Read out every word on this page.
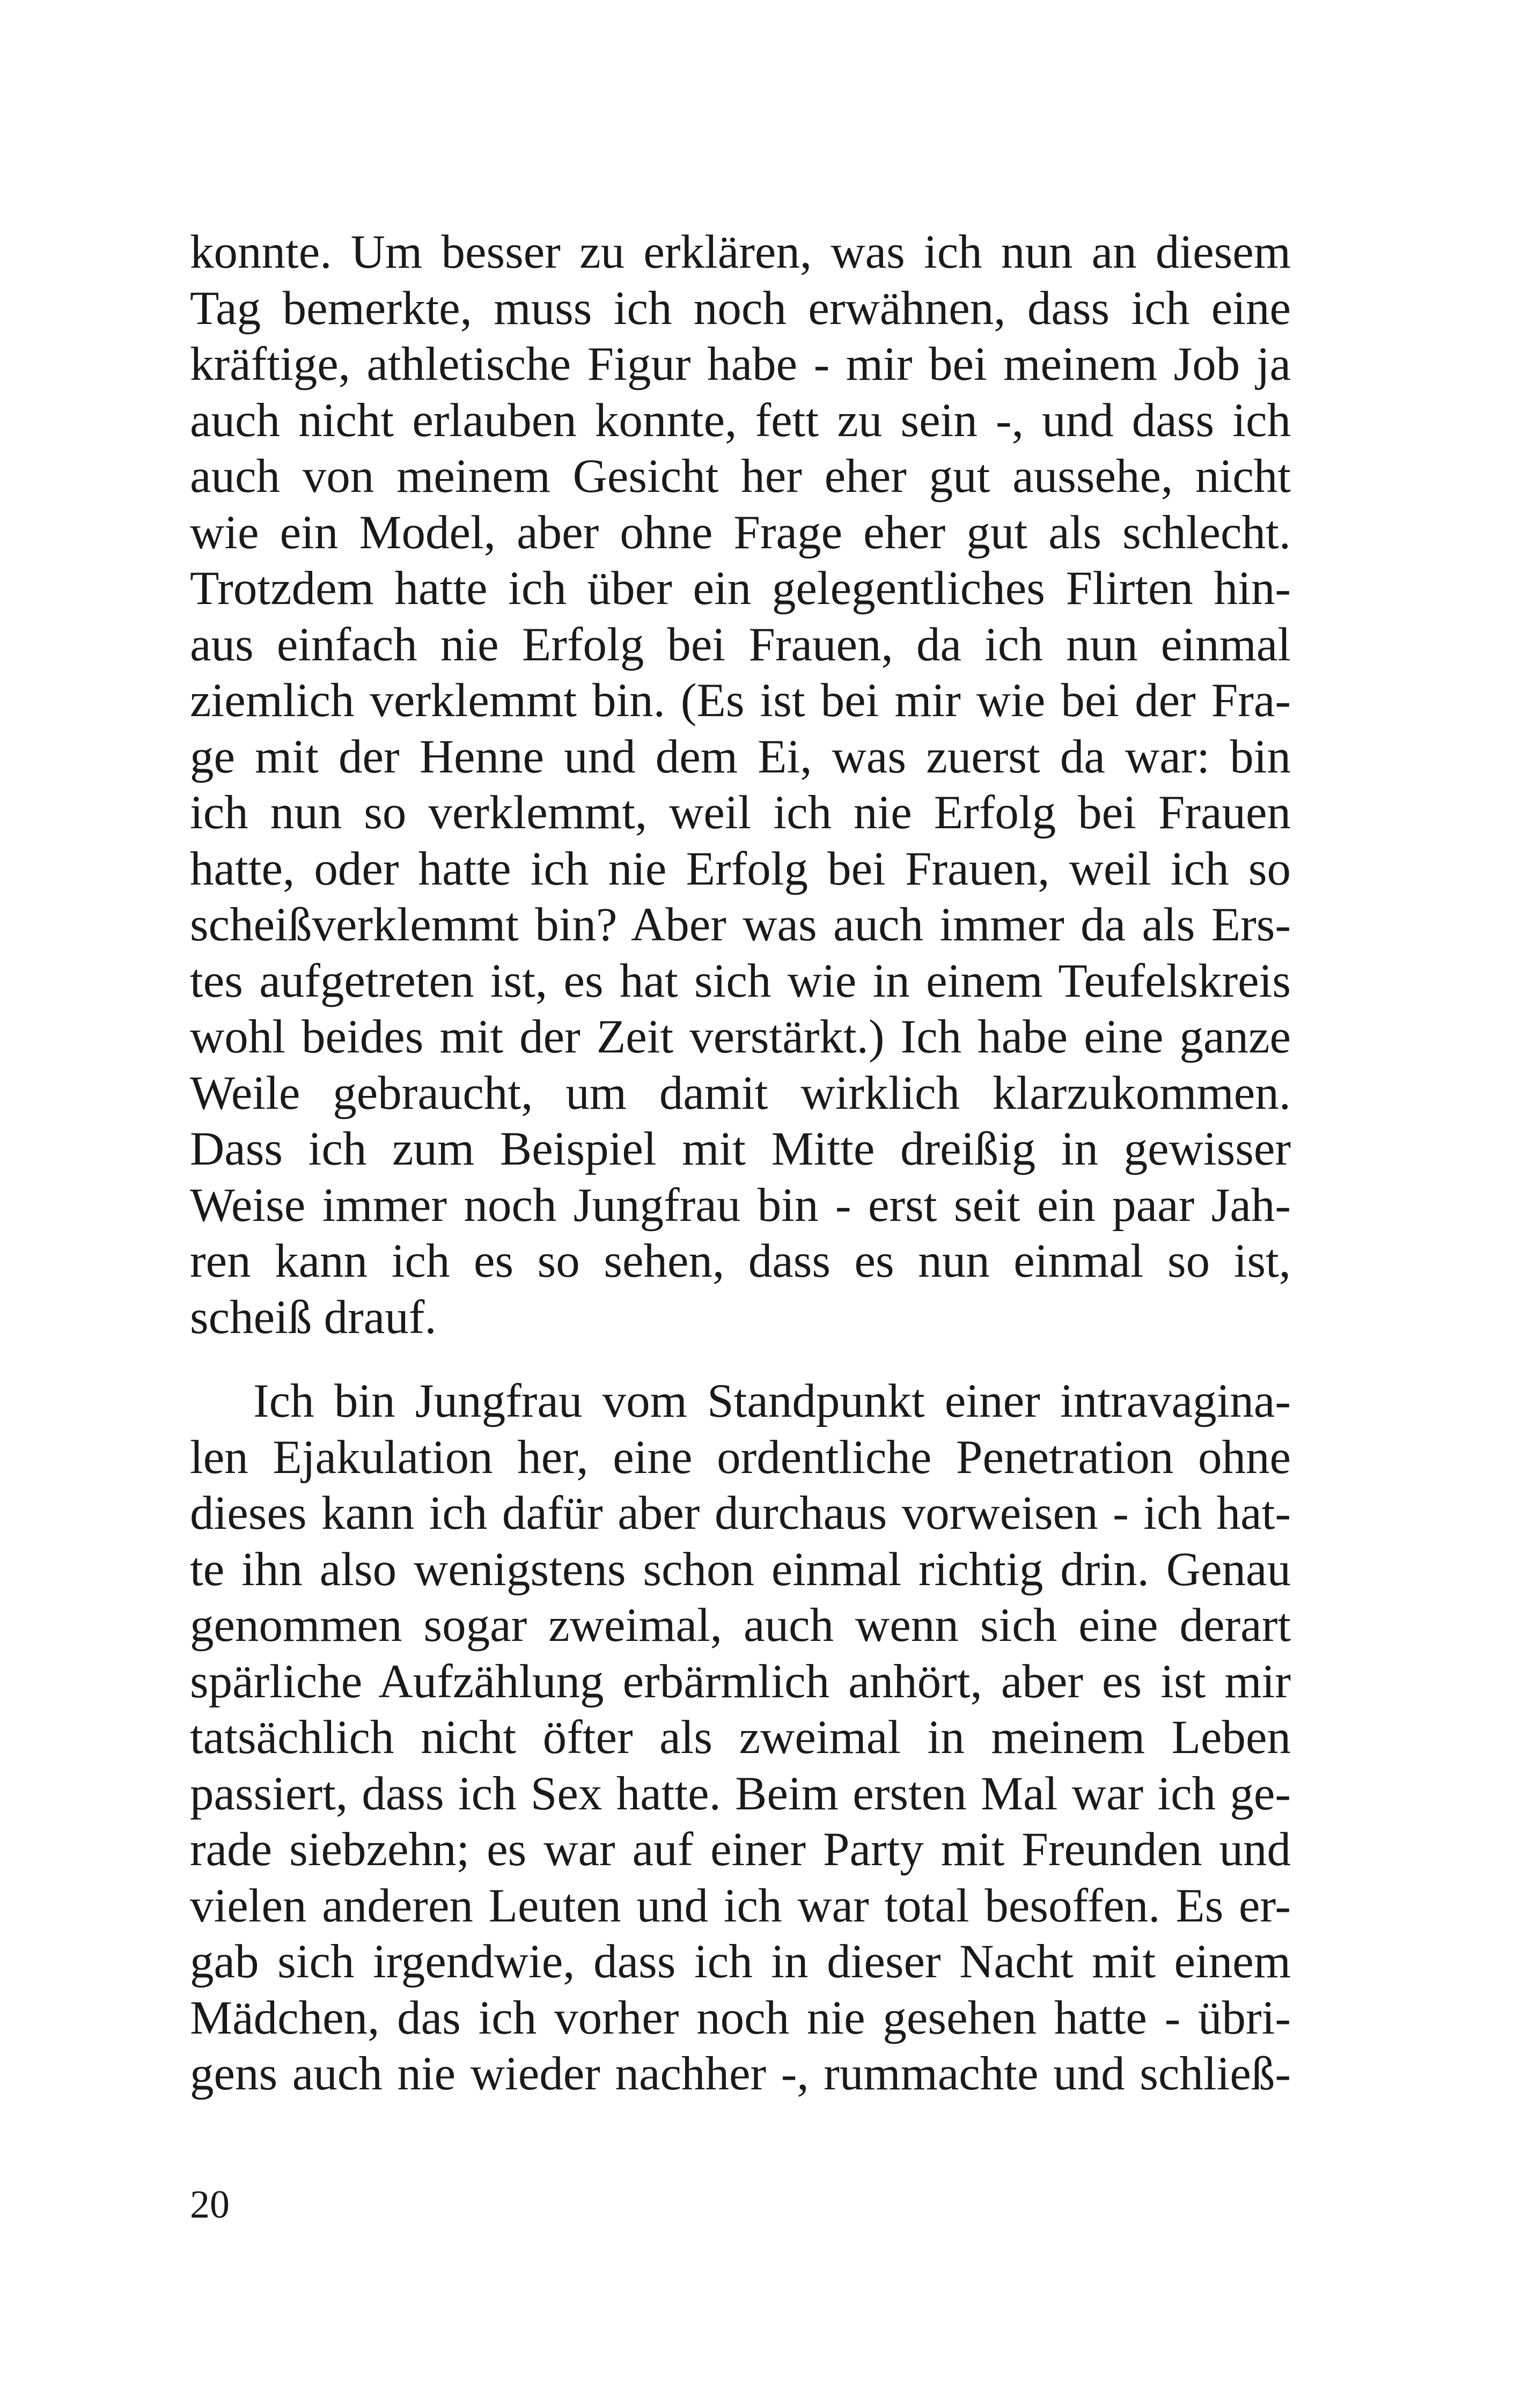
konnte. Um besser zu erklären, was ich nun an diesem
Tag bemerkte, muss ich noch erwähnen, dass ich eine
kräftige, athletische Figur habe - mir bei meinem Job ja
auch nicht erlauben konnte, fett zu sein -, und dass ich
auch von meinem Gesicht her eher gut aussehe, nicht
wie ein Model, aber ohne Frage eher gut als schlecht.
Trotzdem hatte ich über ein gelegentliches Flirten hin-
aus einfach nie Erfolg bei Frauen, da ich nun einmal
ziemlich verklemmt bin. (Es ist bei mir wie bei der Fra-
ge mit der Henne und dem Ei, was zuerst da war: bin
ich nun so verklemmt, weil ich nie Erfolg bei Frauen
hatte, oder hatte ich nie Erfolg bei Frauen, weil ich so
scheißverklemmt bin? Aber was auch immer da als Ers-
tes aufgetreten ist, es hat sich wie in einem Teufelskreis
wohl beides mit der Zeit verstärkt.) Ich habe eine ganze
Weile gebraucht, um damit wirklich klarzukommen.
Dass ich zum Beispiel mit Mitte dreißig in gewisser
Weise immer noch Jungfrau bin - erst seit ein paar Jah-
ren kann ich es so sehen, dass es nun einmal so ist,
scheiß drauf.

Ich bin Jungfrau vom Standpunkt einer intravagina-
len Ejakulation her, eine ordentliche Penetration ohne
dieses kann ich dafür aber durchaus vorweisen - ich hat-
te ihn also wenigstens schon einmal richtig drin. Genau
genommen sogar zweimal, auch wenn sich eine derart
spärliche Aufzählung erbärmlich anhört, aber es ist mir
tatsächlich nicht öfter als zweimal in meinem Leben
passiert, dass ich Sex hatte. Beim ersten Mal war ich ge-
rade siebzehn; es war auf einer Party mit Freunden und
vielen anderen Leuten und ich war total besoffen. Es er-
gab sich irgendwie, dass ich in dieser Nacht mit einem
Mädchen, das ich vorher noch nie gesehen hatte - übri-
gens auch nie wieder nachher -, rummachte und schließ-

20
